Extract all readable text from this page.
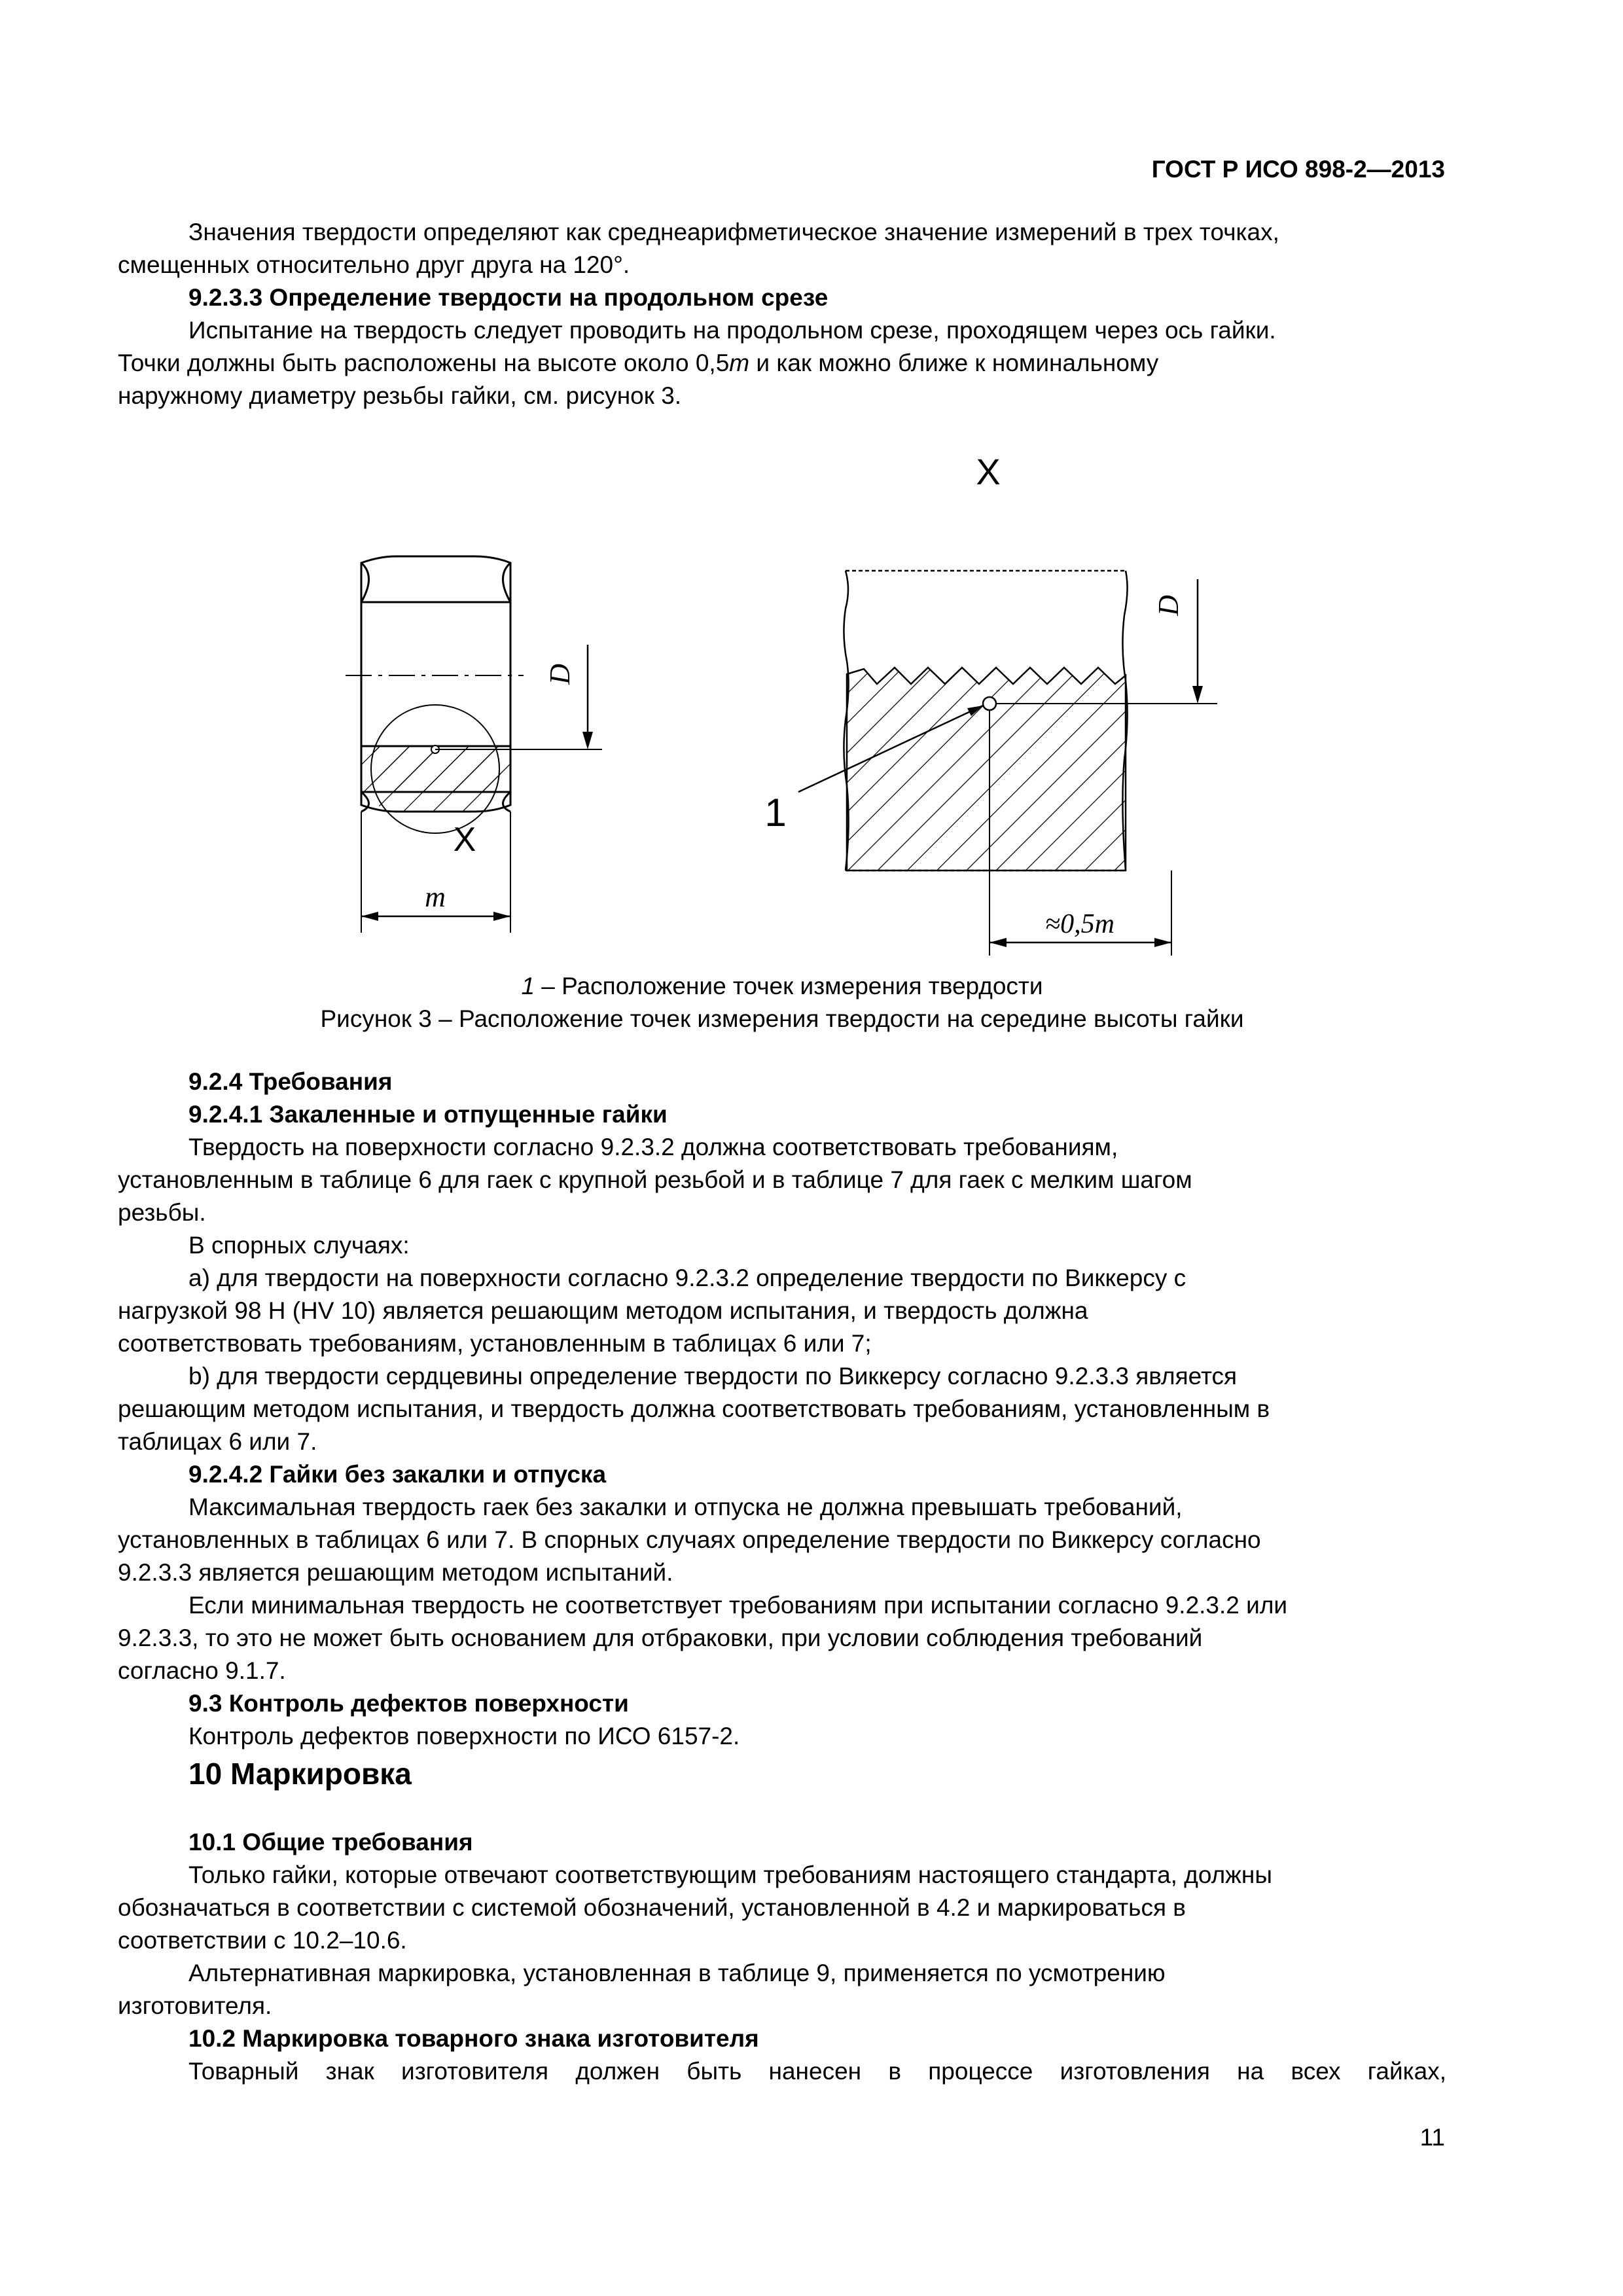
ГОСТ Р ИСО 898-2—2013

Значения твердости определяют как среднеарифметическое значение измерений в трех точках,

смещенных относительно друг друга на 120°.

9.2.3.3 Определение твердости на продольном срезе

Испытание на твердость следует проводить на продольном срезе, проходящем через ось гайки.

Точки должны быть расположены на высоте около 0,5m и как можно ближе к номинальному

наружному диаметру резьбы гайки, см. рисунок 3.

D
X
m
X
1
D
≈0,5m
1 – Расположение точек измерения твердости
Рисунок 3 – Расположение точек измерения твердости на середине высоты гайки

9.2.4 Требования

9.2.4.1 Закаленные и отпущенные гайки

Твердость на поверхности согласно 9.2.3.2 должна соответствовать требованиям,

установленным в таблице 6 для гаек с крупной резьбой и в таблице 7 для гаек с мелким шагом

резьбы.

В спорных случаях:

а) для твердости на поверхности согласно 9.2.3.2 определение твердости по Виккерсу с

нагрузкой 98 Н (HV 10) является решающим методом испытания, и твердость должна

соответствовать требованиям, установленным в таблицах 6 или 7;

b) для твердости сердцевины определение твердости по Виккерсу согласно 9.2.3.3 является

решающим методом испытания, и твердость должна соответствовать требованиям, установленным в

таблицах 6 или 7.

9.2.4.2 Гайки без закалки и отпуска

Максимальная твердость гаек без закалки и отпуска не должна превышать требований,

установленных в таблицах 6 или 7. В спорных случаях определение твердости по Виккерсу согласно

9.2.3.3 является решающим методом испытаний.

Если минимальная твердость не соответствует требованиям при испытании согласно 9.2.3.2 или

9.2.3.3, то это не может быть основанием для отбраковки, при условии соблюдения требований

согласно 9.1.7.

9.3 Контроль дефектов поверхности

Контроль дефектов поверхности по ИСО 6157-2.

10 Маркировка

10.1 Общие требования

Только гайки, которые отвечают соответствующим требованиям настоящего стандарта, должны

обозначаться в соответствии с системой обозначений, установленной в 4.2 и маркироваться в

соответствии с 10.2–10.6.

Альтернативная маркировка, установленная в таблице 9, применяется по усмотрению

изготовителя.

10.2 Маркировка товарного знака изготовителя

Товарный знак изготовителя должен быть нанесен в процессе изготовления на всех гайках,

11
